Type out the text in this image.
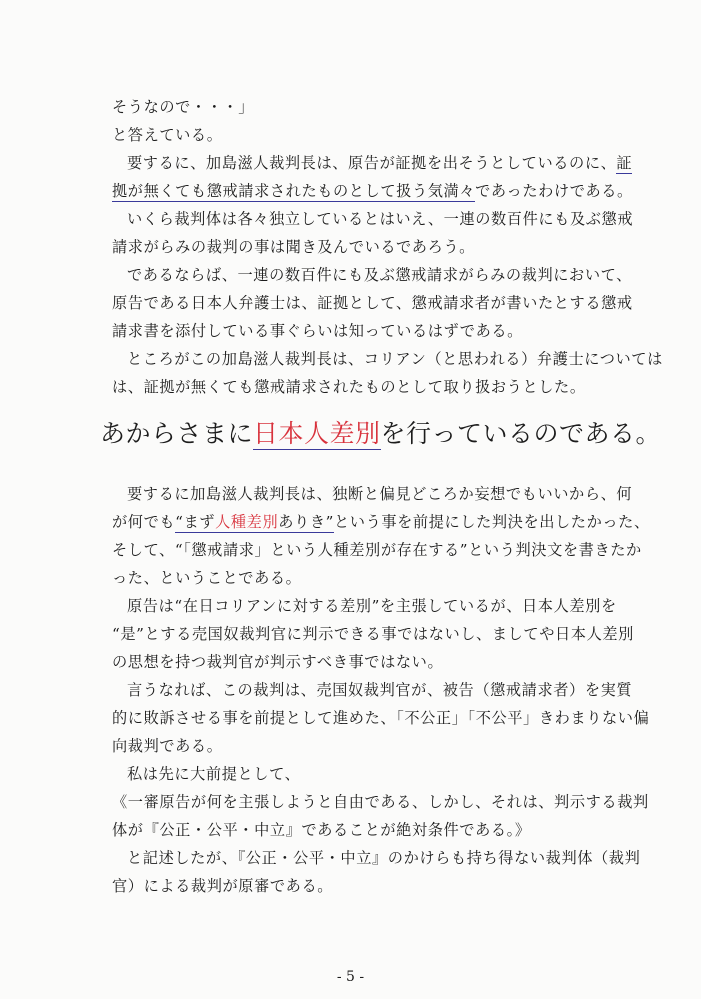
そうなので・・・」
と答えている。
要するに、加島滋人裁判長は、原告が証拠を出そうとしているのに、証
拠が無くても懲戒請求されたものとして扱う気満々であったわけである。
いくら裁判体は各々独立しているとはいえ、一連の数百件にも及ぶ懲戒
請求がらみの裁判の事は聞き及んでいるであろう。
であるならば、一連の数百件にも及ぶ懲戒請求がらみの裁判において、
原告である日本人弁護士は、証拠として、懲戒請求者が書いたとする懲戒
請求書を添付している事ぐらいは知っているはずである。
ところがこの加島滋人裁判長は、コリアン（と思われる）弁護士については
は、証拠が無くても懲戒請求されたものとして取り扱おうとした。
あからさまに日本人差別を行っているのである。
要するに加島滋人裁判長は、独断と偏見どころか妄想でもいいから、何
が何でも“まず人種差別ありき”という事を前提にした判決を出したかった、
そして、“「懲戒請求」という人種差別が存在する”という判決文を書きたか
った、ということである。
原告は“在日コリアンに対する差別”を主張しているが、日本人差別を
“是”とする売国奴裁判官に判示できる事ではないし、ましてや日本人差別
の思想を持つ裁判官が判示すべき事ではない。
言うなれば、この裁判は、売国奴裁判官が、被告（懲戒請求者）を実質
的に敗訴させる事を前提として進めた、「不公正」「不公平」きわまりない偏
向裁判である。
私は先に大前提として、
《一審原告が何を主張しようと自由である、しかし、それは、判示する裁判
体が『公正・公平・中立』であることが絶対条件である。》
と記述したが、『公正・公平・中立』のかけらも持ち得ない裁判体（裁判
官）による裁判が原審である。
- 5 -
